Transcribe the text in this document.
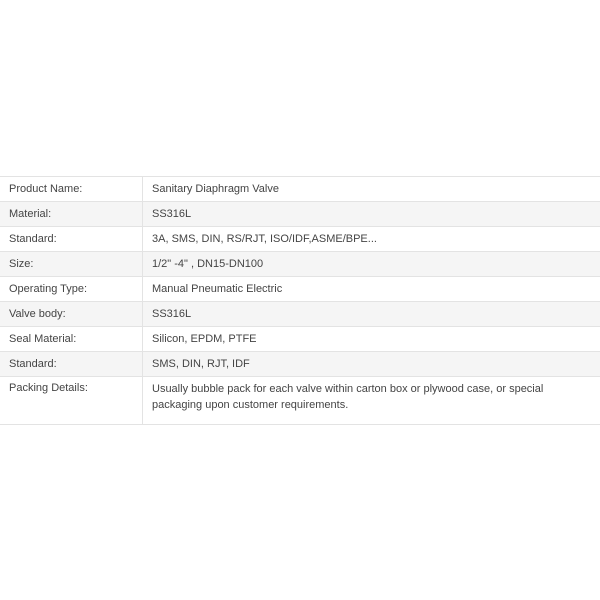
Product Name:	Sanitary Diaphragm Valve
Material:	SS316L
Standard:	3A, SMS, DIN, RS/RJT, ISO/IDF,ASME/BPE...
Size:	1/2" -4" , DN15-DN100
Operating Type:	Manual Pneumatic Electric
Valve body:	SS316L
Seal Material:	Silicon, EPDM, PTFE
Standard:	SMS, DIN, RJT, IDF
Packing Details:	Usually bubble pack for each valve within carton box or plywood case, or special packaging upon customer requirements.
